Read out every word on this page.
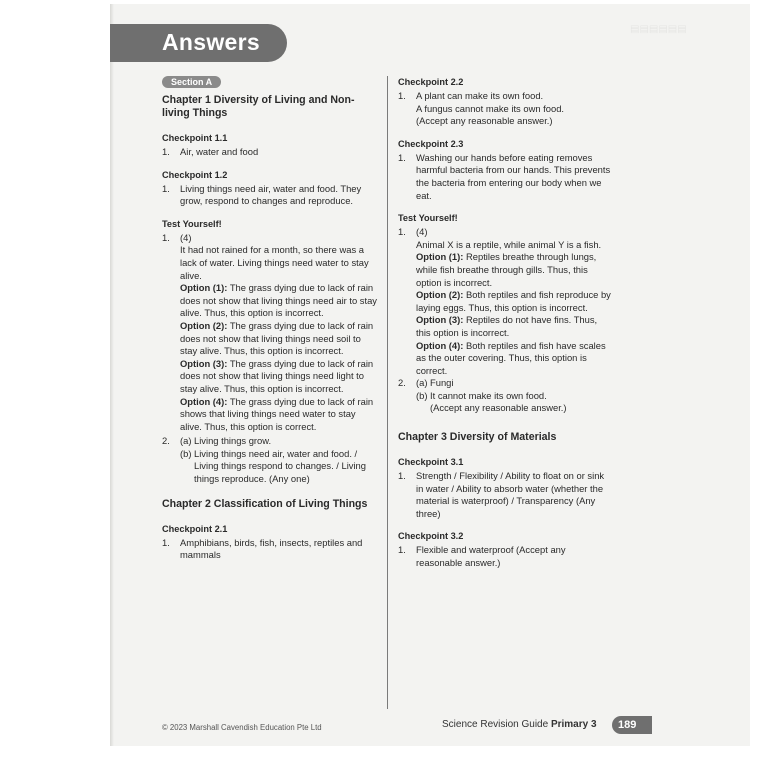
▤▤▤▤▤▤
Answers
Section A
Chapter 1 Diversity of Living and Non-living Things
Checkpoint 1.1
1. Air, water and food
Checkpoint 1.2
1. Living things need air, water and food. They grow, respond to changes and reproduce.
Test Yourself!
1. (4)
It had not rained for a month, so there was a lack of water. Living things need water to stay alive.
Option (1): The grass dying due to lack of rain does not show that living things need air to stay alive. Thus, this option is incorrect.
Option (2): The grass dying due to lack of rain does not show that living things need soil to stay alive. Thus, this option is incorrect.
Option (3): The grass dying due to lack of rain does not show that living things need light to stay alive. Thus, this option is incorrect.
Option (4): The grass dying due to lack of rain shows that living things need water to stay alive. Thus, this option is correct.
2. (a) Living things grow.
(b) Living things need air, water and food. / Living things respond to changes. / Living things reproduce. (Any one)
Chapter 2 Classification of Living Things
Checkpoint 2.1
1. Amphibians, birds, fish, insects, reptiles and mammals
Checkpoint 2.2
1. A plant can make its own food.
A fungus cannot make its own food.
(Accept any reasonable answer.)
Checkpoint 2.3
1. Washing our hands before eating removes harmful bacteria from our hands. This prevents the bacteria from entering our body when we eat.
Test Yourself!
1. (4)
Animal X is a reptile, while animal Y is a fish.
Option (1): Reptiles breathe through lungs, while fish breathe through gills. Thus, this option is incorrect.
Option (2): Both reptiles and fish reproduce by laying eggs. Thus, this option is incorrect.
Option (3): Reptiles do not have fins. Thus, this option is incorrect.
Option (4): Both reptiles and fish have scales as the outer covering. Thus, this option is correct.
2. (a) Fungi
(b) It cannot make its own food.
(Accept any reasonable answer.)
Chapter 3 Diversity of Materials
Checkpoint 3.1
1. Strength / Flexibility / Ability to float on or sink in water / Ability to absorb water (whether the material is waterproof) / Transparency (Any three)
Checkpoint 3.2
1. Flexible and waterproof (Accept any reasonable answer.)
© 2023 Marshall Cavendish Education Pte Ltd	Science Revision Guide Primary 3	189
